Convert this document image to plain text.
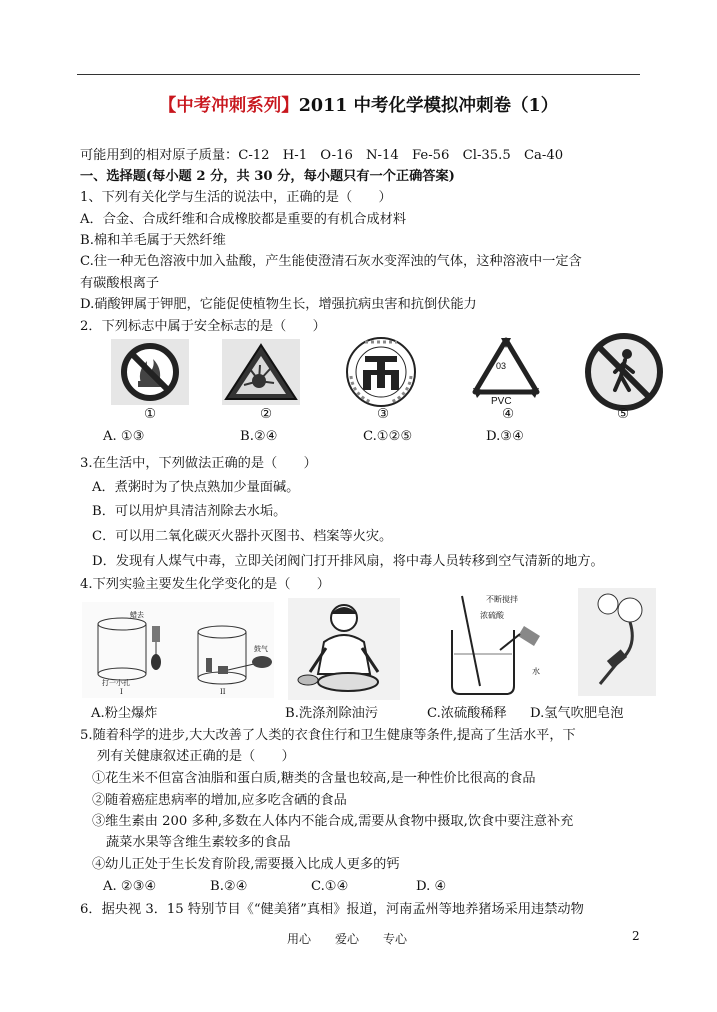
【中考冲刺系列】2011 中考化学模拟冲刺卷（1）
可能用到的相对原子质量：C-12　H-1　O-16　N-14　Fe-56　Cl-35.5　Ca-40
一、选择题(每小题 2 分，共 30 分，每小题只有一个正确答案)
1、下列有关化学与生活的说法中，正确的是（　　）
A．合金、合成纤维和合成橡胶都是重要的有机合成材料
B.棉和羊毛属于天然纤维
C.往一种无色溶液中加入盐酸，产生能使澄清石灰水变浑浊的气体，这种溶液中一定含
有碳酸根离子
D.硝酸钾属于钾肥，它能促使植物生长，增强抗病虫害和抗倒伏能力
2．下列标志中属于安全标志的是（　　）
03
PVC
①	②	③	④	⑤
A. ①③	B.②④	C.①②⑤	D.③④
3.在生活中，下列做法正确的是（　　）
A．煮粥时为了快点熟加少量面碱。
B．可以用炉具清洁剂除去水垢。
C．可以用二氧化碳灭火器扑灭图书、档案等火灾。
D．发现有人煤气中毒，立即关闭阀门打开排风扇，将中毒人员转移到空气清新的地方。
4.下列实验主要发生化学变化的是（　　）
蜡去
打一小孔
I	II
鼓气
不断搅拌
浓硫酸
水
A.粉尘爆炸	B.洗涤剂除油污	C.浓硫酸稀释 D.氢气吹肥皂泡
5.随着科学的进步,大大改善了人类的衣食住行和卫生健康等条件,提高了生活水平，下
列有关健康叙述正确的是（　　）
①花生米不但富含油脂和蛋白质,糖类的含量也较高,是一种性价比很高的食品
②随着癌症患病率的增加,应多吃含硒的食品
③维生素由 200 多种,多数在人体内不能合成,需要从食物中摄取,饮食中要注意补充
蔬菜水果等含维生素较多的食品
④幼儿正处于生长发育阶段,需要摄入比成人更多的钙
A. ②③④	B.②④	C.①④	D. ④
6．据央视 3．15 特别节目《“健美猪”真相》报道，河南孟州等地养猪场采用违禁动物
用心 爱心 专心	2
